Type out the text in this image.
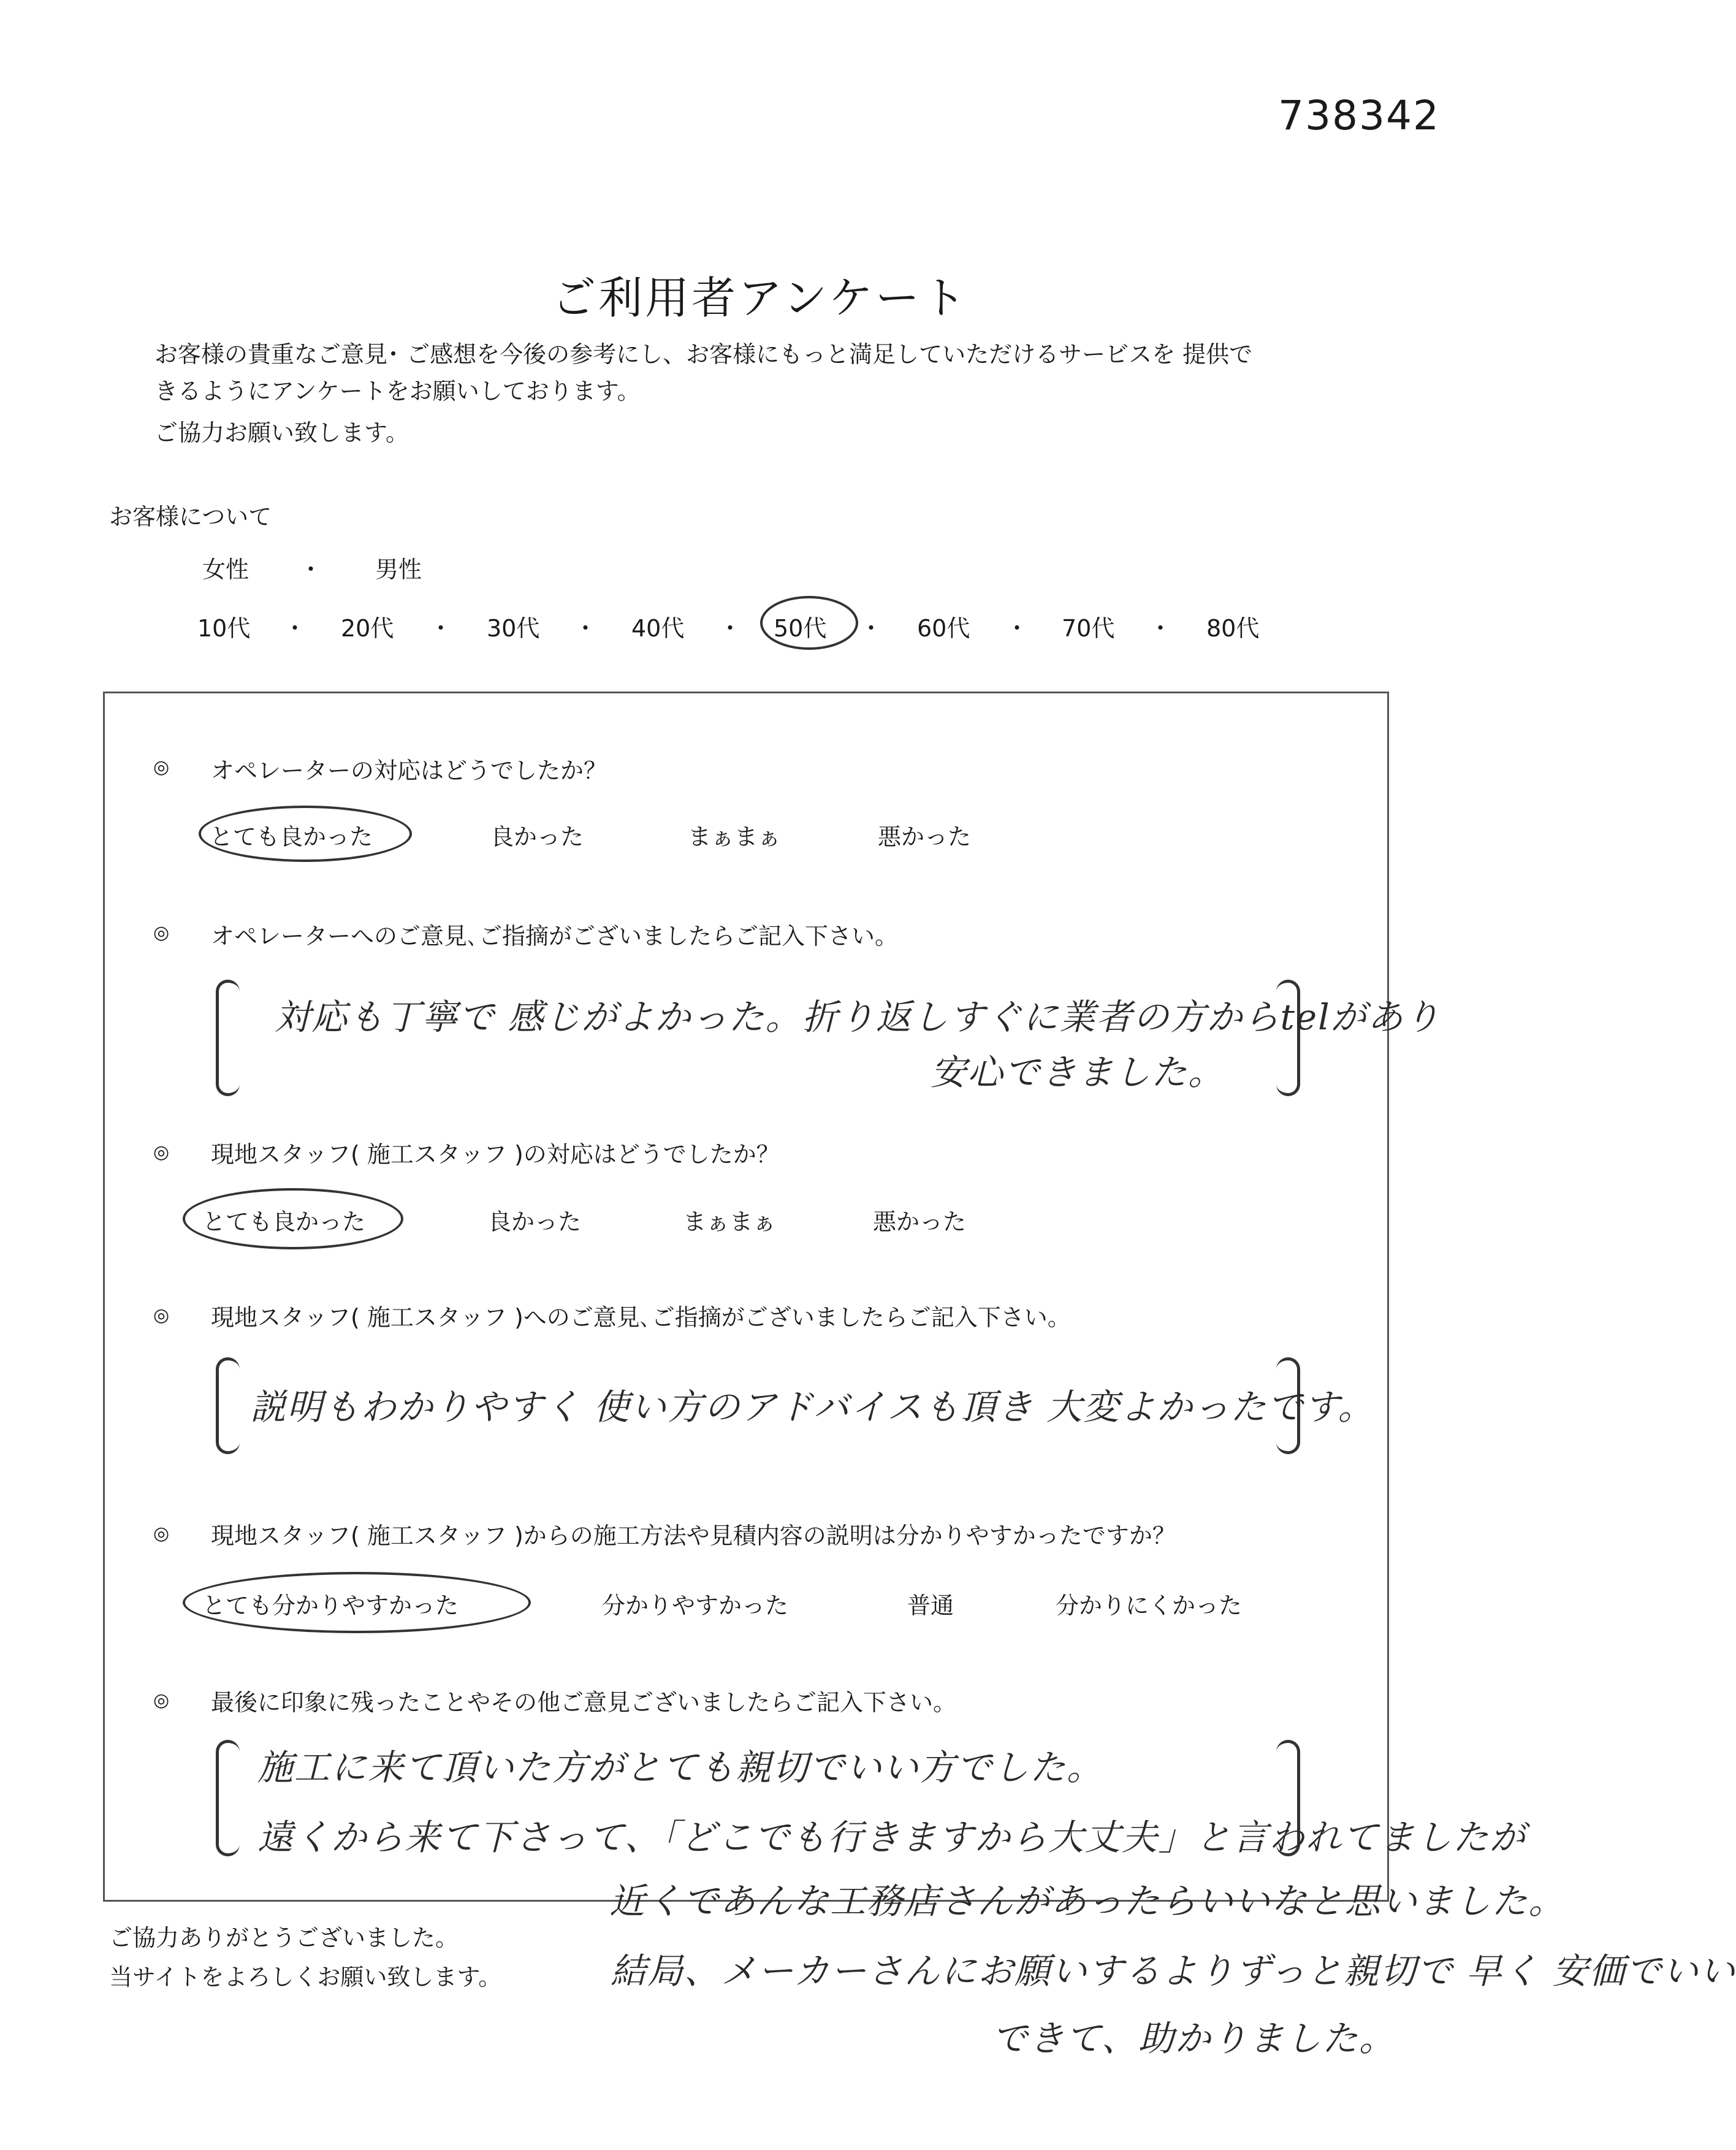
738342
ご利用者アンケート
お客様の貴重なご意見･ ご感想を今後の参考にし、お客様にもっと満足していただけるサービスを 提供で
きるようにアンケートをお願いしております。
ご協力お願い致します。
お客様について
女性 ・ 男性
10代 ・ 20代 ・ 30代 ・ 40代 ・ 50代 ・ 60代 ・ 70代 ・ 80代
◎ オペレーターの対応はどうでしたか？
とても良かった	良かった	まぁまぁ	悪かった
◎ オペレーターへのご意見､ご指摘がございましたらご記入下さい。
対応も丁寧で 感じがよかった。折り返しすぐに業者の方からtelがあり
安心できました。
◎ 現地スタッフ( 施工スタッフ )の対応はどうでしたか？
とても良かった	良かった	まぁまぁ	悪かった
◎ 現地スタッフ( 施工スタッフ )へのご意見､ご指摘がございましたらご記入下さい。
説明もわかりやすく 使い方のアドバイスも頂き 大変よかったです。
◎ 現地スタッフ( 施工スタッフ )からの施工方法や見積内容の説明は分かりやすかったですか？
とても分かりやすかった	分かりやすかった	普通	分かりにくかった
◎ 最後に印象に残ったことやその他ご意見ございましたらご記入下さい。
施工に来て頂いた方がとても親切でいい方でした。
遠くから来て下さって、「どこでも行きますから大丈夫」と言われてましたが
近くであんな工務店さんがあったらいいなと思いました。
結局、メーカーさんにお願いするよりずっと親切で 早く 安価でいい
できて、助かりました。
ご協力ありがとうございました。
当サイトをよろしくお願い致します。
